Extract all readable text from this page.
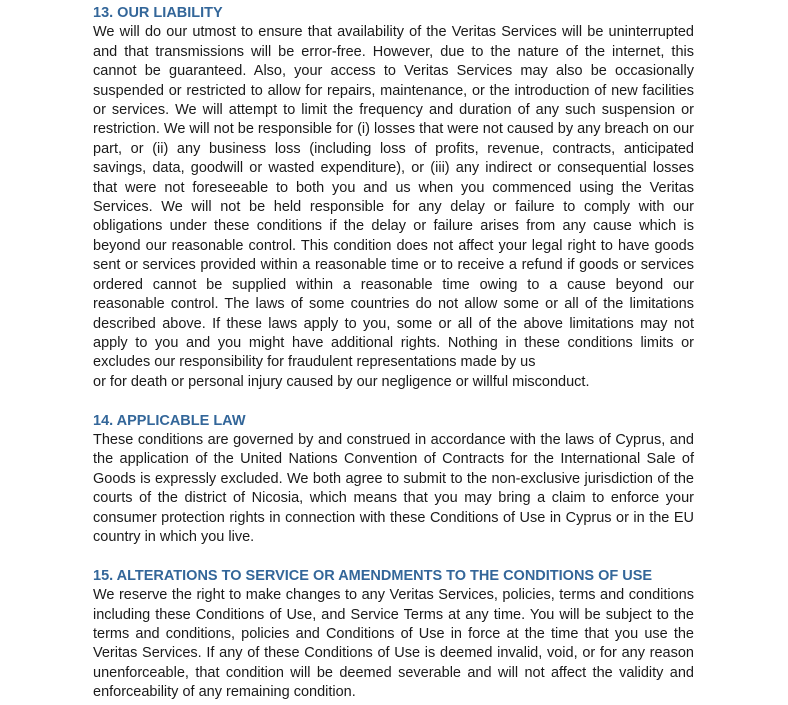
13. OUR LIABILITY

We will do our utmost to ensure that availability of the Veritas Services will be uninterrupted and that transmissions will be error-free. However, due to the nature of the internet, this cannot be guaranteed. Also, your access to Veritas Services may also be occasionally suspended or restricted to allow for repairs, maintenance, or the introduction of new facilities or services. We will attempt to limit the frequency and duration of any such suspension or restriction. We will not be responsible for (i) losses that were not caused by any breach on our part, or (ii) any business loss (including loss of profits, revenue, contracts, anticipated savings, data, goodwill or wasted expenditure), or (iii) any indirect or consequential losses that were not foreseeable to both you and us when you commenced using the Veritas Services. We will not be held responsible for any delay or failure to comply with our obligations under these conditions if the delay or failure arises from any cause which is beyond our reasonable control. This condition does not affect your legal right to have goods sent or services provided within a reasonable time or to receive a refund if goods or services ordered cannot be supplied within a reasonable time owing to a cause beyond our reasonable control. The laws of some countries do not allow some or all of the limitations described above. If these laws apply to you, some or all of the above limitations may not apply to you and you might have additional rights. Nothing in these conditions limits or excludes our responsibility for fraudulent representations made by us

or for death or personal injury caused by our negligence or willful misconduct.

14. APPLICABLE LAW

These conditions are governed by and construed in accordance with the laws of Cyprus, and the application of the United Nations Convention of Contracts for the International Sale of Goods is expressly excluded. We both agree to submit to the non-exclusive jurisdiction of the courts of the district of Nicosia, which means that you may bring a claim to enforce your consumer protection rights in connection with these Conditions of Use in Cyprus or in the EU country in which you live.

15. ALTERATIONS TO SERVICE OR AMENDMENTS TO THE CONDITIONS OF USE

We reserve the right to make changes to any Veritas Services, policies, terms and conditions including these Conditions of Use, and Service Terms at any time. You will be subject to the terms and conditions, policies and Conditions of Use in force at the time that you use the Veritas Services. If any of these Conditions of Use is deemed invalid, void, or for any reason unenforceable, that condition will be deemed severable and will not affect the validity and enforceability of any remaining condition.
